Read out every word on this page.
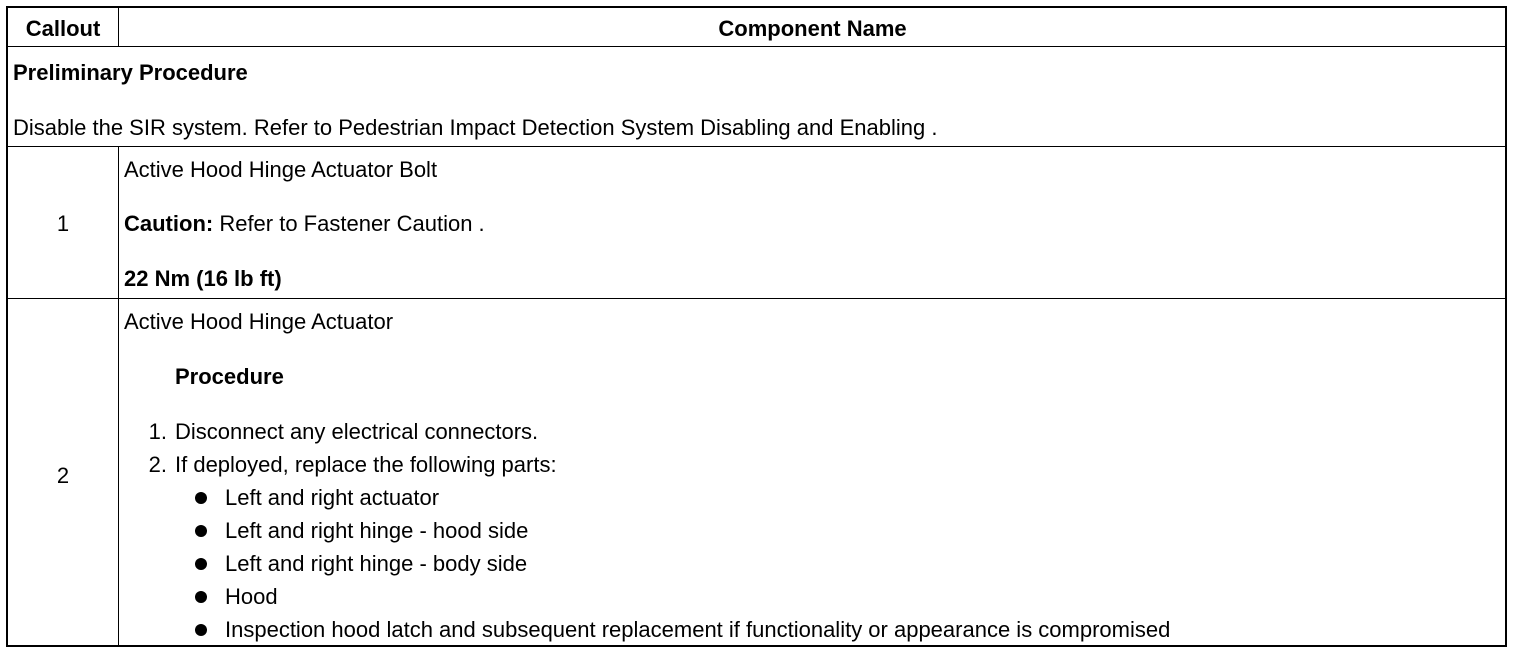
Callout	Component Name
Preliminary Procedure
Disable the SIR system. Refer to Pedestrian Impact Detection System Disabling and Enabling .
1
Active Hood Hinge Actuator Bolt
Caution: Refer to Fastener Caution .
22 Nm (16 lb ft)
2
Active Hood Hinge Actuator
Procedure
1. Disconnect any electrical connectors.
2. If deployed, replace the following parts:
Left and right actuator
Left and right hinge - hood side
Left and right hinge - body side
Hood
Inspection hood latch and subsequent replacement if functionality or appearance is compromised
